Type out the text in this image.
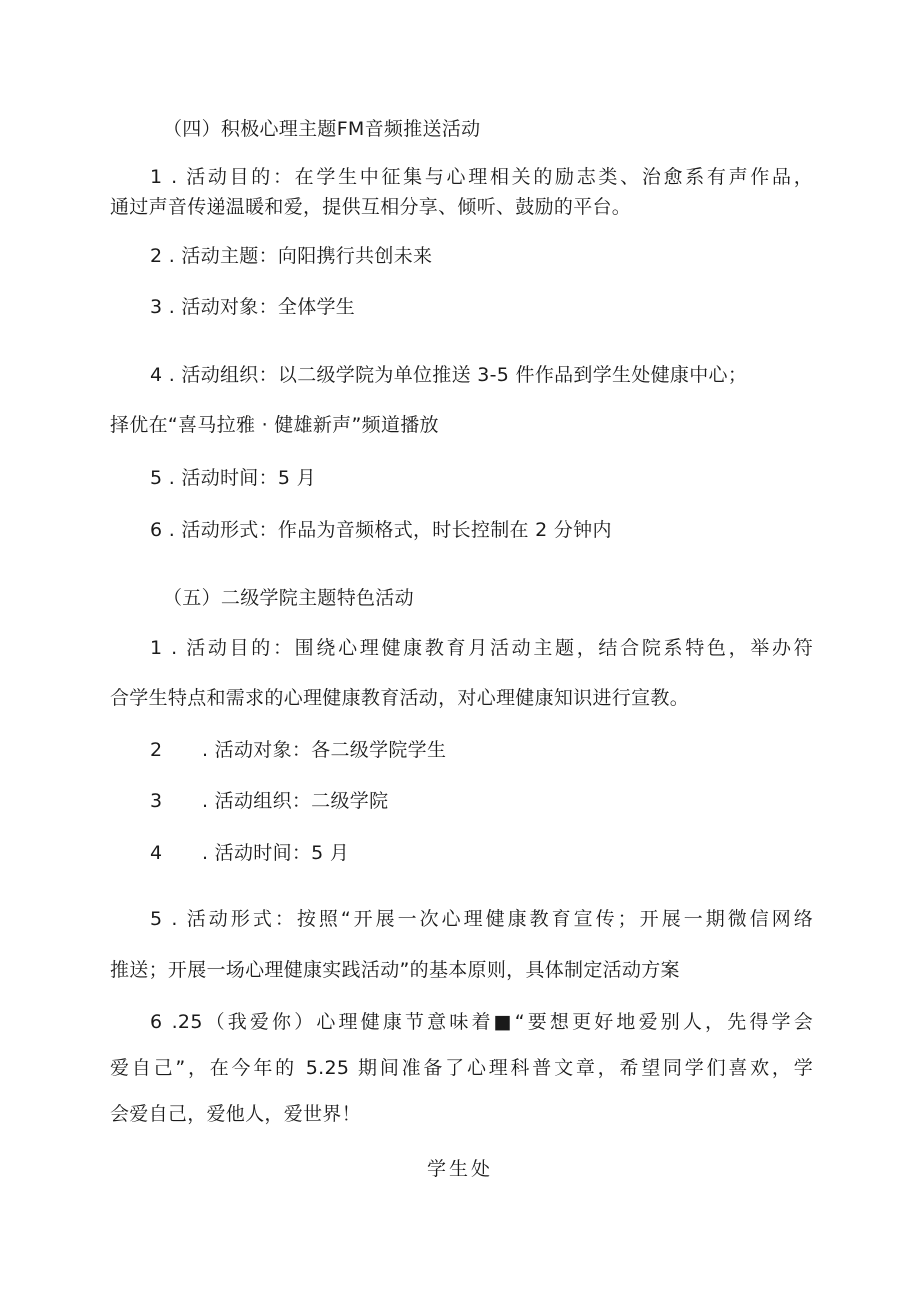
（四）积极心理主题FM音频推送活动
1 . 活动目的：在学生中征集与心理相关的励志类、治愈系有声作品，
通过声音传递温暖和爱，提供互相分享、倾听、鼓励的平台。
2 . 活动主题：向阳携行共创未来
3 . 活动对象：全体学生
4 . 活动组织：以二级学院为单位推送 3-5 件作品到学生处健康中心；
择优在“喜马拉雅 · 健雄新声”频道播放
5 . 活动时间：5 月
6 . 活动形式：作品为音频格式，时长控制在 2 分钟内
（五）二级学院主题特色活动
1 . 活动目的：围绕心理健康教育月活动主题，结合院系特色，举办符
合学生特点和需求的心理健康教育活动，对心理健康知识进行宣教。
2 . 活动对象：各二级学院学生
3 . 活动组织：二级学院
4 . 活动时间：5 月
5 . 活动形式：按照“开展一次心理健康教育宣传；开展一期微信网络
推送；开展一场心理健康实践活动”的基本原则，具体制定活动方案
6 .25（我爱你）心理健康节意味着■“要想更好地爱别人，先得学会
爱自己”，在今年的 5.25 期间准备了心理科普文章，希望同学们喜欢，学
会爱自己，爱他人，爱世界！
学生处
